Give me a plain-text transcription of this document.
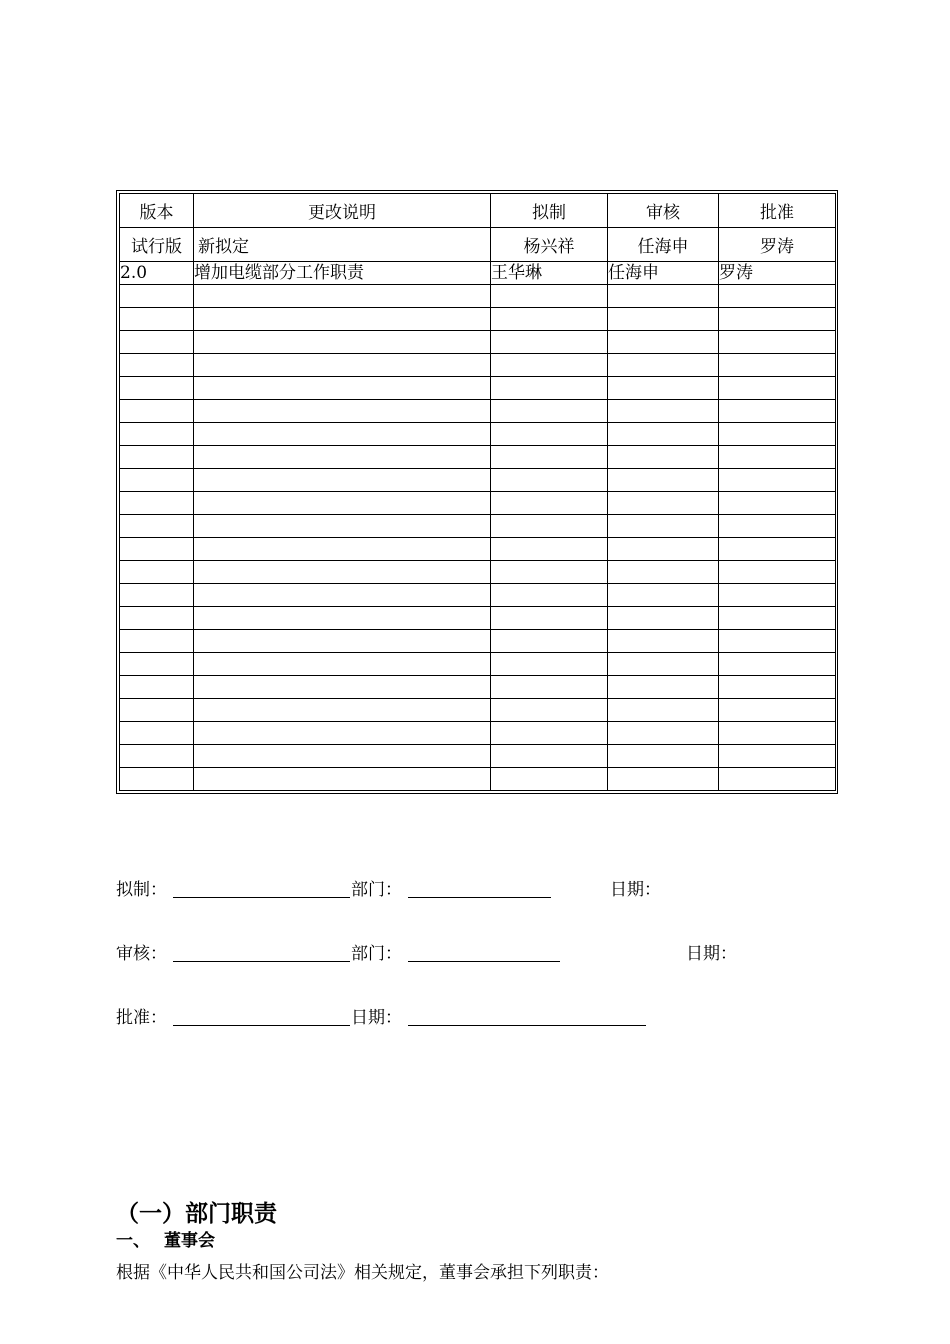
版本	更改说明	拟制	审核	批准
试行版	新拟定	杨兴祥	任海申	罗涛
2.0	增加电缆部分工作职责	王华琳	任海申	罗涛

拟制：	部门：	日期：
审核：	部门：	日期：
批准：	日期：
（一）部门职责
一、 董事会
根据《中华人民共和国公司法》相关规定，董事会承担下列职责：
